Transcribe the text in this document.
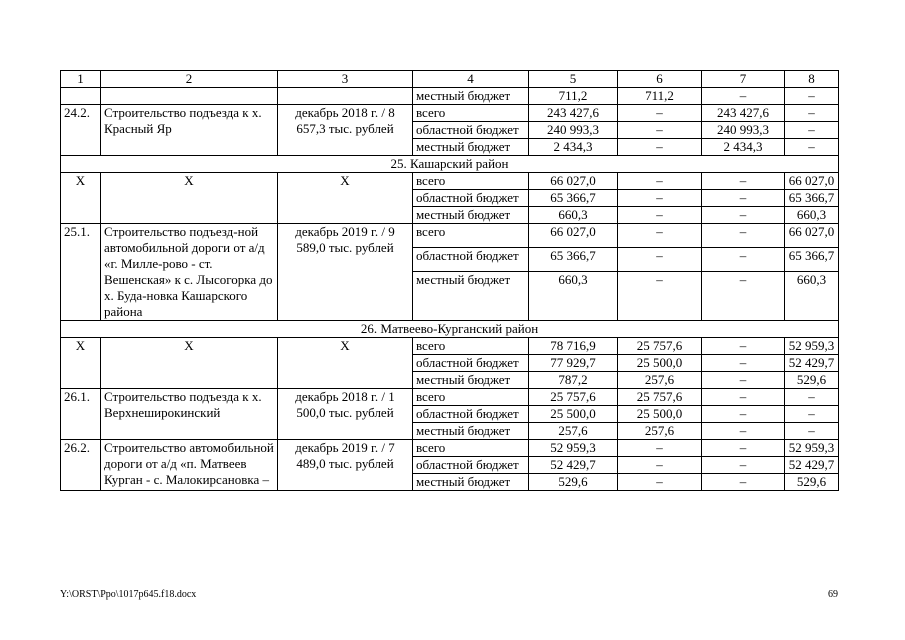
1	2	3	4	5	6	7	8
			местный бюджет	711,2	711,2	–	–
24.2.	Строительство подъезда к х. Красный Яр	декабрь 2018 г. / 8 657,3 тыс. рублей	всего	243 427,6	–	243 427,6	–
			областной бюджет	240 993,3	–	240 993,3	–
			местный бюджет	2 434,3	–	2 434,3	–
25. Кашарский район							
Х	Х	Х	всего	66 027,0	–	–	66 027,0
			областной бюджет	65 366,7	–	–	65 366,7
			местный бюджет	660,3	–	–	660,3
25.1.	Строительство подъезд-ной автомобильной дороги от а/д «г. Милле-рово - ст. Вешенская» к с. Лысогорка до х. Буда-новка Кашарского района	декабрь 2019 г. / 9 589,0 тыс. рублей	всего	66 027,0	–	–	66 027,0
			областной бюджет	65 366,7	–	–	65 366,7
			местный бюджет	660,3	–	–	660,3
26. Матвеево-Курганский район							
Х	Х	Х	всего	78 716,9	25 757,6	–	52 959,3
			областной бюджет	77 929,7	25 500,0	–	52 429,7
			местный бюджет	787,2	257,6	–	529,6
26.1.	Строительство подъезда к х. Верхнеширокинский	декабрь 2018 г. / 1 500,0 тыс. рублей	всего	25 757,6	25 757,6	–	–
			областной бюджет	25 500,0	25 500,0	–	–
			местный бюджет	257,6	257,6	–	–
26.2.	Строительство автомобильной дороги от а/д «п. Матвеев Курган - с. Малокирсановка –	декабрь 2019 г. / 7 489,0 тыс. рублей	всего	52 959,3	–	–	52 959,3
			областной бюджет	52 429,7	–	–	52 429,7
			местный бюджет	529,6	–	–	529,6
Y:\ORST\Ppo\1017p645.f18.docx	69
